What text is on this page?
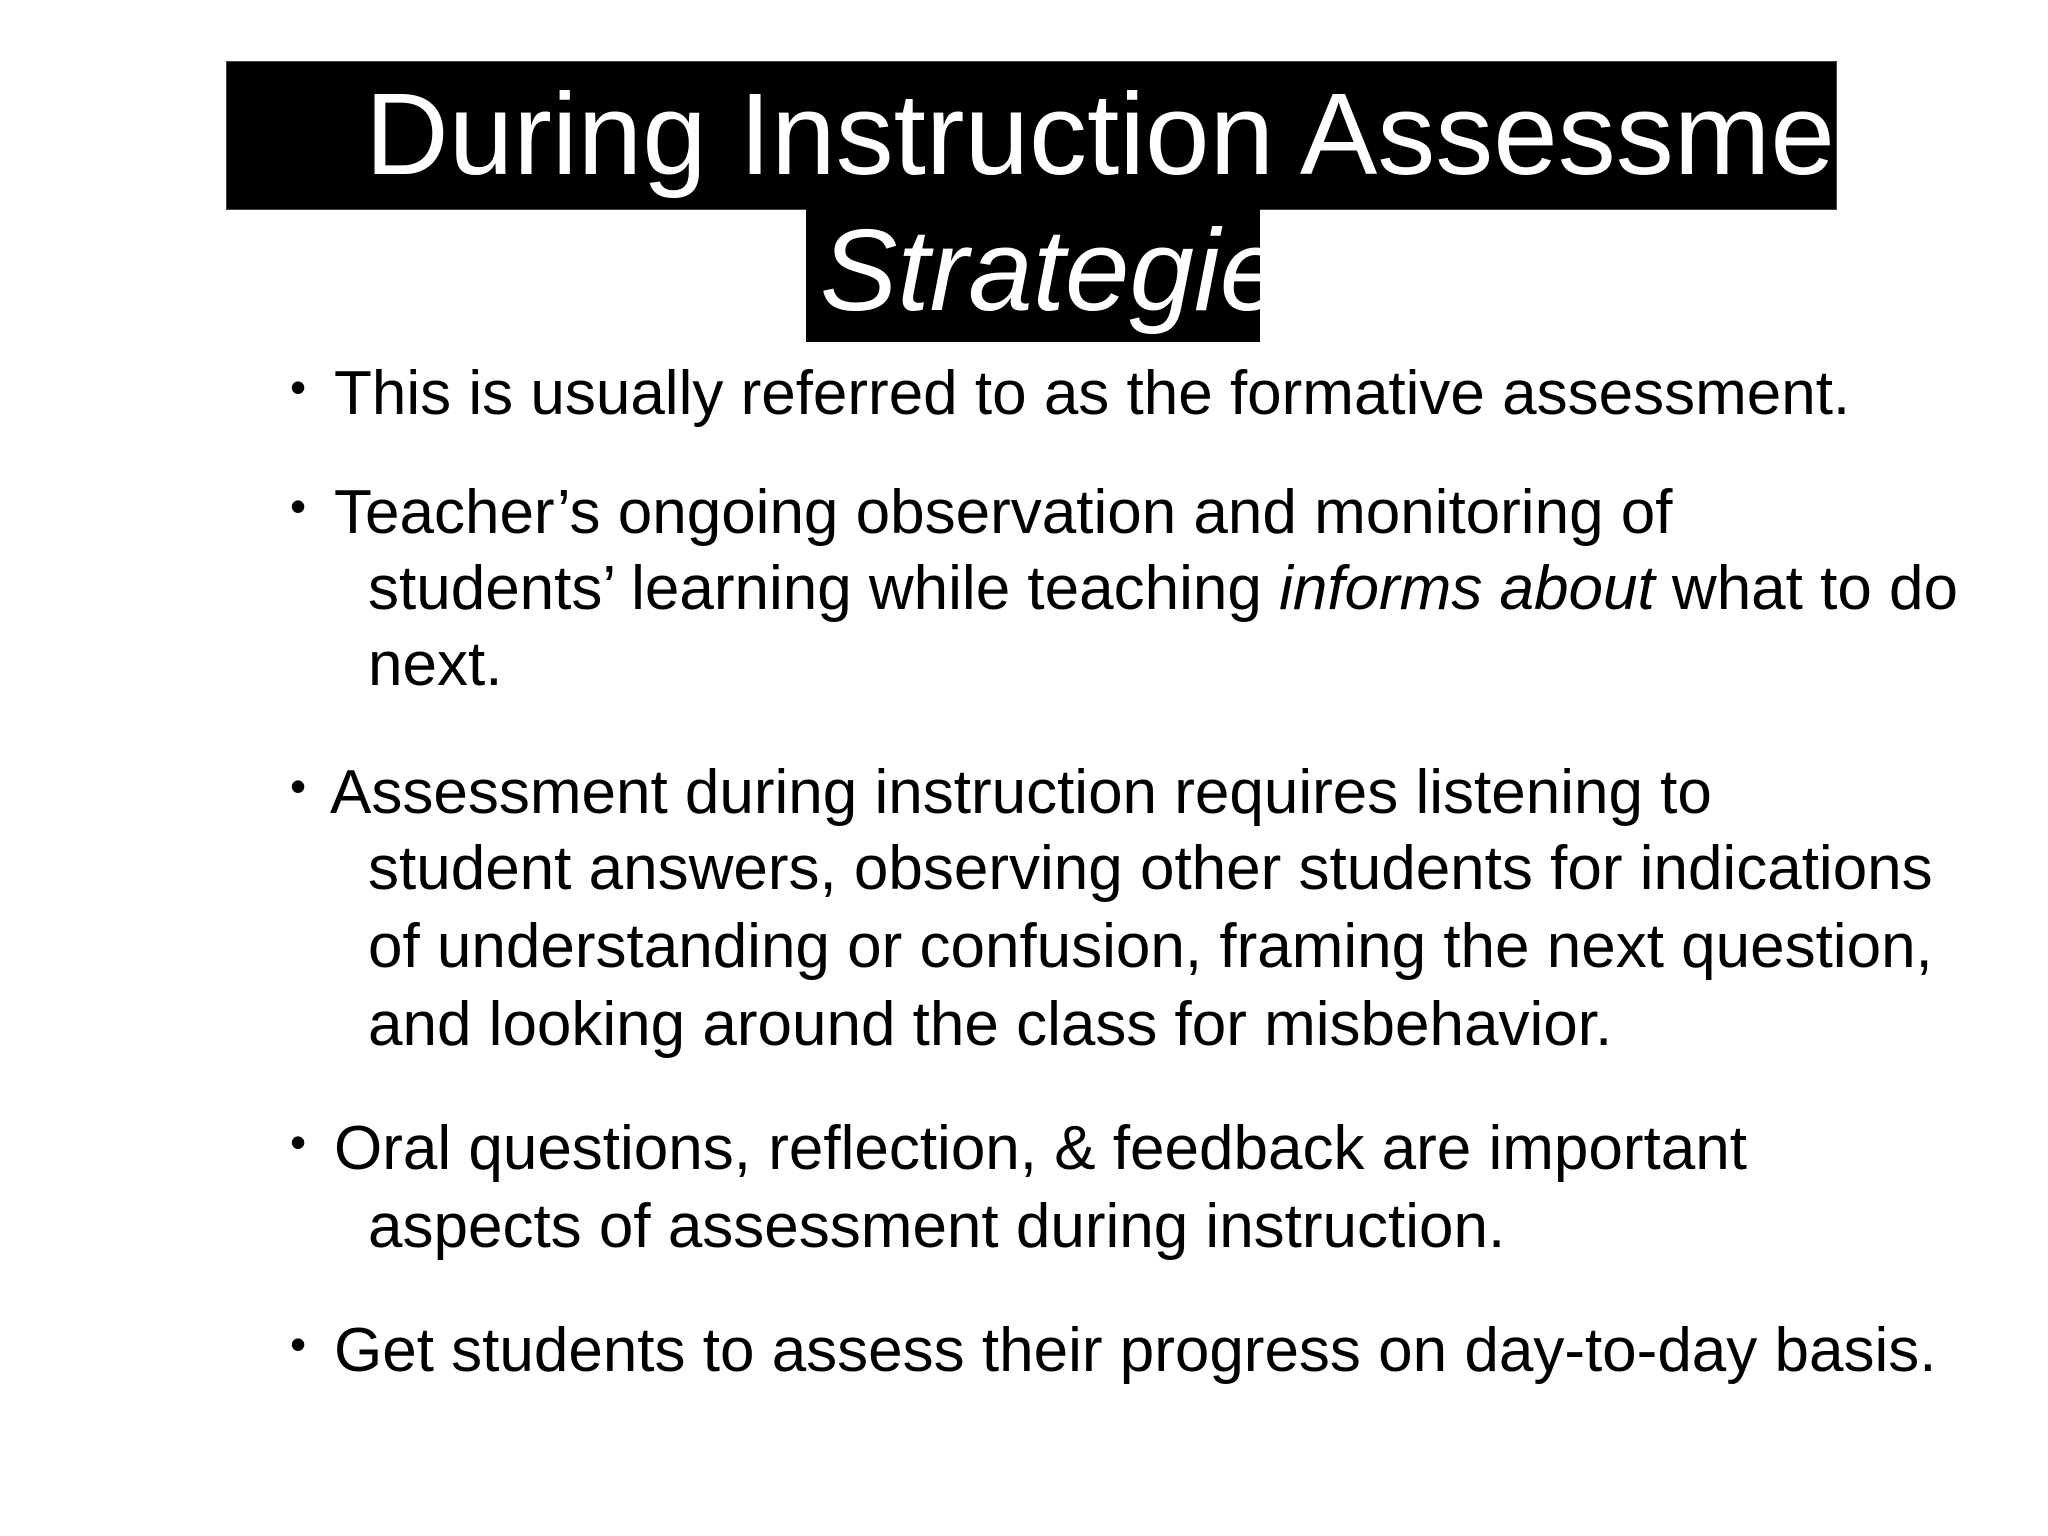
During Instruction Assessment
Strategies
• This is usually referred to as the formative assessment.
• Teacher’s ongoing observation and monitoring of
students’ learning while teaching informs about what to do
next.
• Assessment during instruction requires listening to
student answers, observing other students for indications
of understanding or confusion, framing the next question,
and looking around the class for misbehavior.
• Oral questions, reflection, & feedback are important
aspects of assessment during instruction.
• Get students to assess their progress on day-to-day basis.
